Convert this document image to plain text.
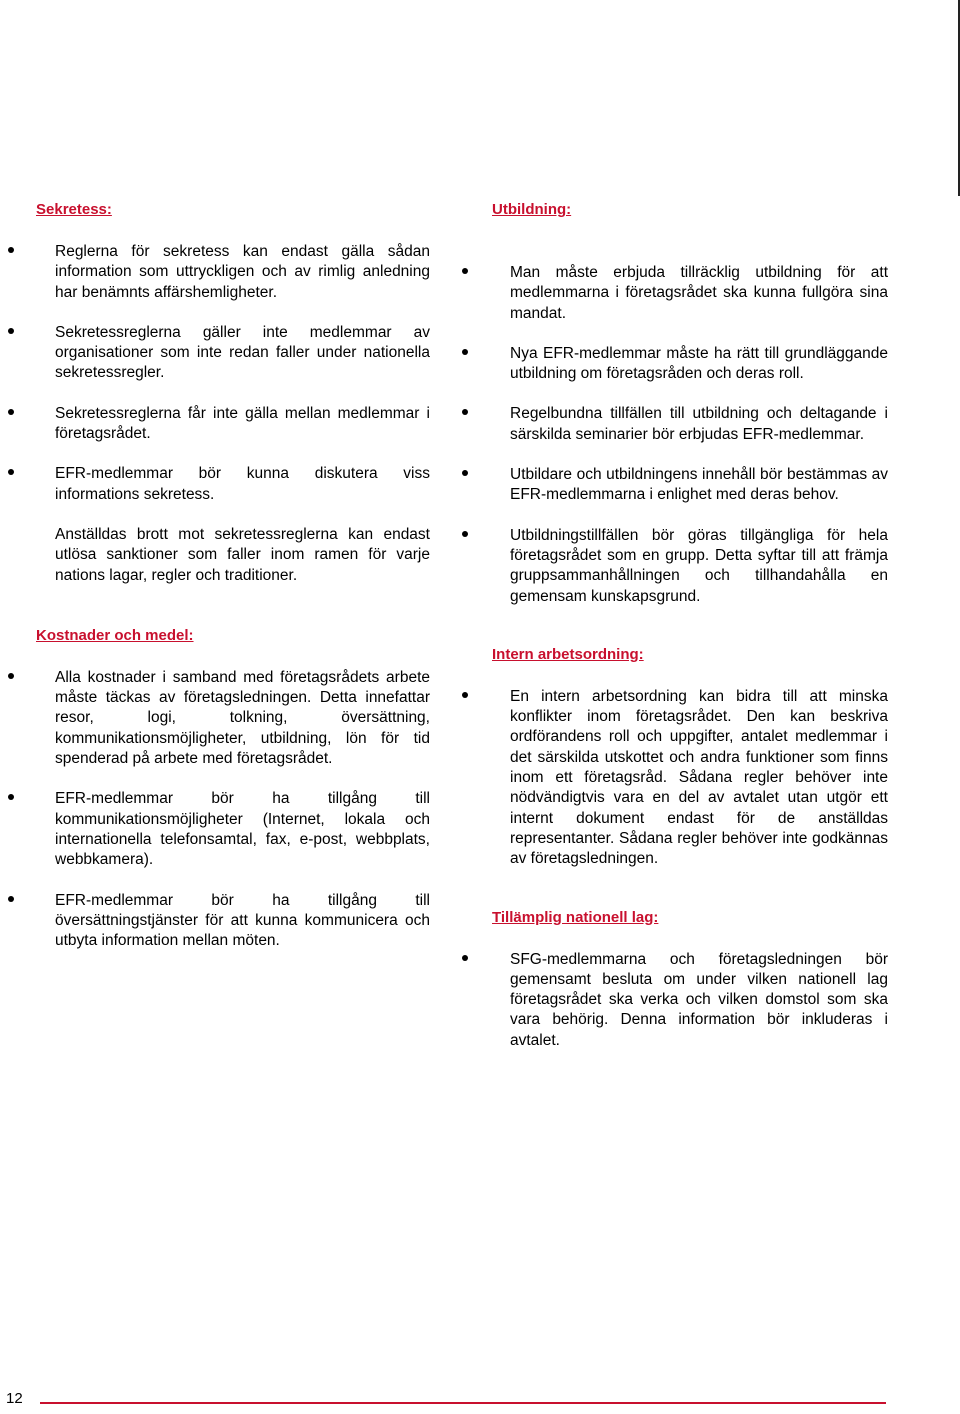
Sekretess:
Reglerna för sekretess kan endast gälla sådan information som uttryckligen och av rimlig anledning har benämnts affärshemligheter.
Sekretessreglerna gäller inte medlemmar av organisationer som inte redan faller under nationella sekretessregler.
Sekretessreglerna får inte gälla mellan medlemmar i företagsrådet.
EFR-medlemmar bör kunna diskutera viss informations sekretess.

Anställdas brott mot sekretessreglerna kan endast utlösa sanktioner som faller inom ramen för varje nations lagar, regler och traditioner.

Kostnader och medel:
Alla kostnader i samband med företagsrådets arbete måste täckas av företagsledningen. Detta innefattar resor, logi, tolkning, översättning, kommunikationsmöjligheter, utbildning, lön för tid spenderad på arbete med företagsrådet.
EFR-medlemmar bör ha tillgång till kommunikationsmöjligheter (Internet, lokala och internationella telefonsamtal, fax, e-post, webbplats, webbkamera).
EFR-medlemmar bör ha tillgång till översättningstjänster för att kunna kommunicera och utbyta information mellan möten.
Utbildning:
Man måste erbjuda tillräcklig utbildning för att medlemmarna i företagsrådet ska kunna fullgöra sina mandat.
Nya EFR-medlemmar måste ha rätt till grundläggande utbildning om företagsråden och deras roll.
Regelbundna tillfällen till utbildning och deltagande i särskilda seminarier bör erbjudas EFR-medlemmar.
Utbildare och utbildningens innehåll bör bestämmas av EFR-medlemmarna i enlighet med deras behov.
Utbildningstillfällen bör göras tillgängliga för hela företagsrådet som en grupp. Detta syftar till att främja gruppsammanhållningen och tillhandahålla en gemensam kunskapsgrund.
Intern arbetsordning:
En intern arbetsordning kan bidra till att minska konflikter inom företagsrådet. Den kan beskriva ordförandens roll och uppgifter, antalet medlemmar i det särskilda utskottet och andra funktioner som finns inom ett företagsråd. Sådana regler behöver inte nödvändigtvis vara en del av avtalet utan utgör ett internt dokument endast för de anställdas representanter. Sådana regler behöver inte godkännas av företagsledningen.
Tillämplig nationell lag:
SFG-medlemmarna och företagsledningen bör gemensamt besluta om under vilken nationell lag företagsrådet ska verka och vilken domstol som ska vara behörig. Denna information bör inkluderas i avtalet.
12
